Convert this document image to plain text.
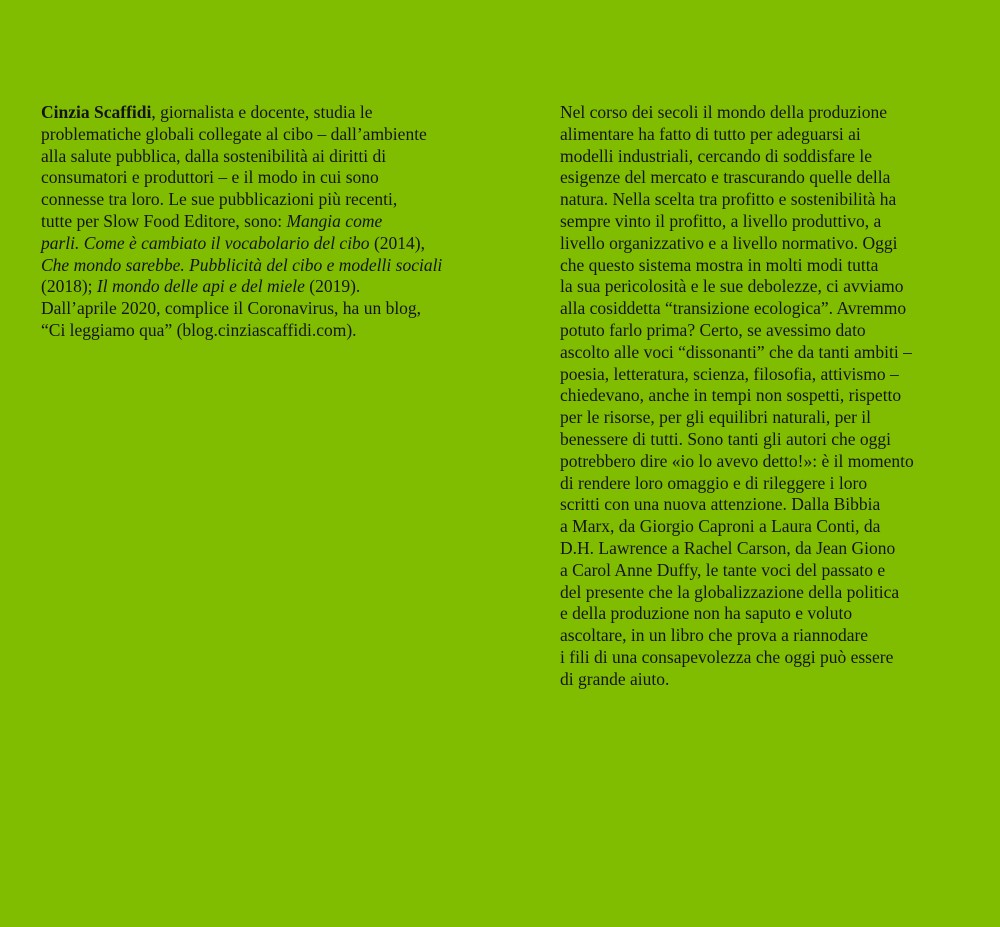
Cinzia Scaffidi, giornalista e docente, studia le
problematiche globali collegate al cibo – dall’ambiente
alla salute pubblica, dalla sostenibilità ai diritti di
consumatori e produttori – e il modo in cui sono
connesse tra loro. Le sue pubblicazioni più recenti,
tutte per Slow Food Editore, sono: Mangia come
parli. Come è cambiato il vocabolario del cibo (2014),
Che mondo sarebbe. Pubblicità del cibo e modelli sociali
(2018); Il mondo delle api e del miele (2019).
Dall’aprile 2020, complice il Coronavirus, ha un blog,
“Ci leggiamo qua” (blog.cinziascaffidi.com).
Nel corso dei secoli il mondo della produzione
alimentare ha fatto di tutto per adeguarsi ai
modelli industriali, cercando di soddisfare le
esigenze del mercato e trascurando quelle della
natura. Nella scelta tra profitto e sostenibilità ha
sempre vinto il profitto, a livello produttivo, a
livello organizzativo e a livello normativo. Oggi
che questo sistema mostra in molti modi tutta
la sua pericolosità e le sue debolezze, ci avviamo
alla cosiddetta “transizione ecologica”. Avremmo
potuto farlo prima? Certo, se avessimo dato
ascolto alle voci “dissonanti” che da tanti ambiti –
poesia, letteratura, scienza, filosofia, attivismo –
chiedevano, anche in tempi non sospetti, rispetto
per le risorse, per gli equilibri naturali, per il
benessere di tutti. Sono tanti gli autori che oggi
potrebbero dire «io lo avevo detto!»: è il momento
di rendere loro omaggio e di rileggere i loro
scritti con una nuova attenzione. Dalla Bibbia
a Marx, da Giorgio Caproni a Laura Conti, da
D.H. Lawrence a Rachel Carson, da Jean Giono
a Carol Anne Duffy, le tante voci del passato e
del presente che la globalizzazione della politica
e della produzione non ha saputo e voluto
ascoltare, in un libro che prova a riannodare
i fili di una consapevolezza che oggi può essere
di grande aiuto.
